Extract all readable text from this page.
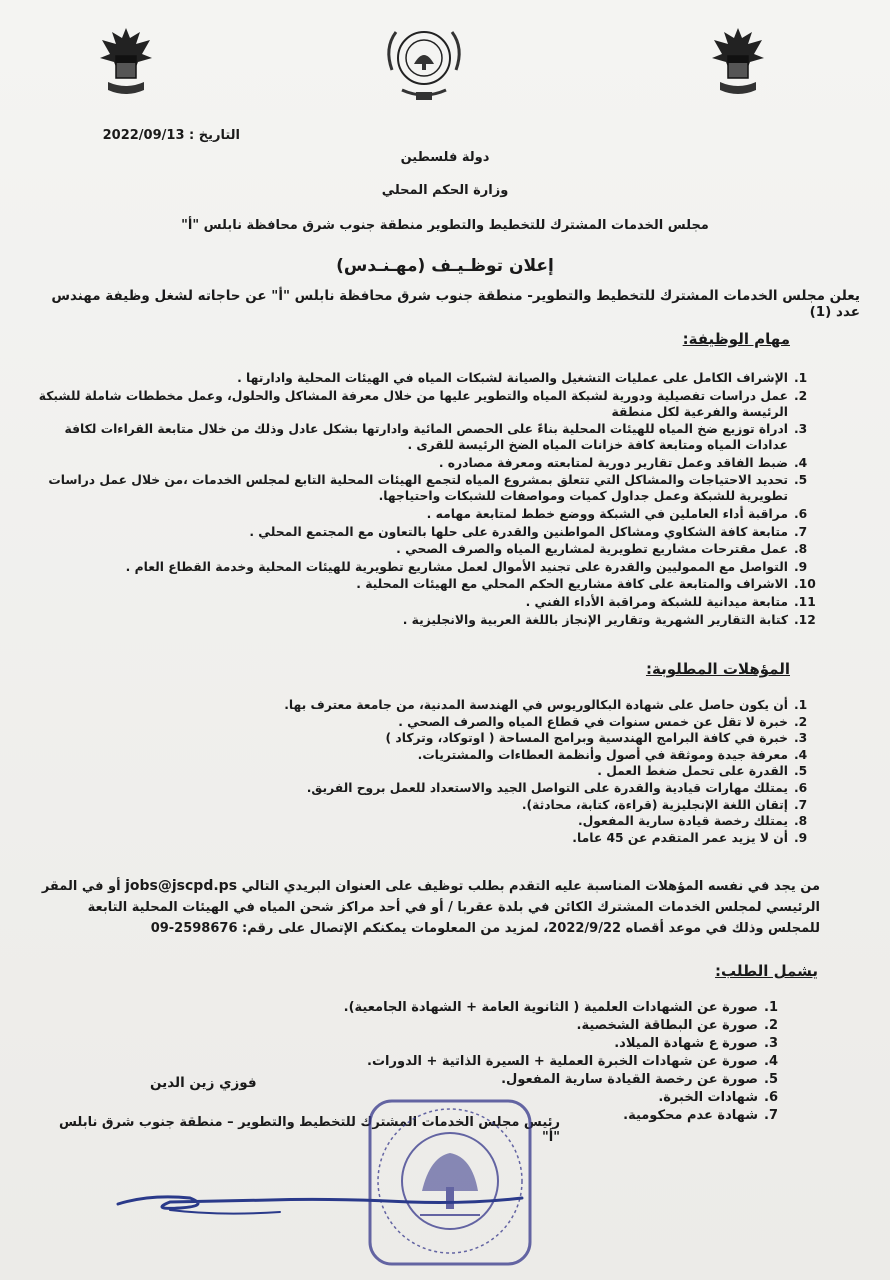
التاريخ : 2022/09/13
دولة فلسطين
وزارة الحكم المحلي
مجلس الخدمات المشترك للتخطيط والتطوير منطقة جنوب شرق محافظة نابلس "أ"
إعلان توظـيـف (مهـنـدس)
يعلن مجلس الخدمات المشترك للتخطيط والتطوير- منطقة جنوب شرق محافظة نابلس "أ" عن حاجاته لشغل وظيفة مهندس عدد (1)
مهام الوظيفة:
1.
الإشراف الكامل على عمليات التشغيل والصيانة لشبكات المياه في الهيئات المحلية وادارتها .
2.
عمل دراسات تفصيلية ودورية لشبكة المياه والتطوير عليها من خلال معرفة المشاكل والحلول، وعمل مخططات شاملة للشبكة الرئيسة والفرعية لكل منطقة
3.
ادراة توزيع ضخ المياه للهيئات المحلية بناءً على الحصص المائية وادارتها بشكل عادل وذلك من خلال متابعة القراءات لكافة عدادات المياه ومتابعة كافة خزانات المياه الضخ الرئيسة للقرى .
4.
ضبط الفاقد وعمل تقارير دورية لمتابعته ومعرفة مصادره .
5.
تحديد الاحتياجات والمشاكل التي تتعلق بمشروع المياه لتجمع الهيئات المحلية التابع لمجلس الخدمات ،من خلال عمل دراسات تطويرية للشبكة وعمل جداول كميات ومواصفات للشبكات واحتياجها.
6.
مراقبة أداء العاملين في الشبكة ووضع خطط لمتابعة مهامه .
7.
متابعة كافة الشكاوي ومشاكل المواطنين والقدرة على حلها بالتعاون مع المجتمع المحلي .
8.
عمل مقترحات مشاريع تطويرية لمشاريع المياه والصرف الصحي .
9.
التواصل مع المموليين والقدرة على تجنيد الأموال لعمل مشاريع تطويرية للهيئات المحلية وخدمة القطاع العام .
10.
الاشراف والمتابعة على كافة مشاريع الحكم المحلي مع الهيئات المحلية .
11.
متابعة ميدانية للشبكة ومراقبة الأداء الفني .
12.
كتابة التقارير الشهرية وتقارير الإنجاز باللغة العربية والانجليزية .
المؤهلات المطلوبة:
1.
أن يكون حاصل على شهادة البكالوريوس في الهندسة المدنية، من جامعة معترف بها.
2.
خبرة لا تقل عن خمس سنوات في قطاع المياه والصرف الصحي .
3.
خبرة في كافة البرامج الهندسية وبرامج المساحة ( اوتوكاد، وتركاد )
4.
معرفة جيدة وموثقة في أصول وأنظمة العطاءات والمشتريات.
5.
القدرة على تحمل ضغط العمل .
6.
يمتلك مهارات قيادية والقدرة على التواصل الجيد والاستعداد للعمل بروح الفريق.
7.
إتقان اللغة الإنجليزية (قراءة، كتابة، محادثة).
8.
يمتلك رخصة قيادة سارية المفعول.
9.
أن لا يزيد عمر المتقدم عن 45 عاما.
من يجد في نفسه المؤهلات المناسبة عليه التقدم بطلب توظيف على العنوان البريدي التالي jobs@jscpd.ps أو في المقر الرئيسي لمجلس الخدمات المشترك الكائن في بلدة عقربا / أو في أحد مراكز شحن المياه في الهيئات المحلية التابعة للمجلس وذلك في موعد أقصاه 2022/9/22، لمزيد من المعلومات يمكنكم الإتصال على رقم: 09-2598676
يشمل الطلب:
1.
صورة عن الشهادات العلمية ( الثانوية العامة + الشهادة الجامعية).
2.
صورة عن البطاقة الشخصية.
3.
صورة ع شهادة الميلاد.
4.
صورة عن شهادات الخبرة العملية + السيرة الذاتية + الدورات.
5.
صورة عن رخصة القيادة سارية المفعول.
6.
شهادات الخبرة.
7.
شهادة عدم محكومية.
فوزي زين الدين
رئيس مجلس الخدمات المشترك للتخطيط والتطوير – منطقة جنوب شرق نابلس "أ"
